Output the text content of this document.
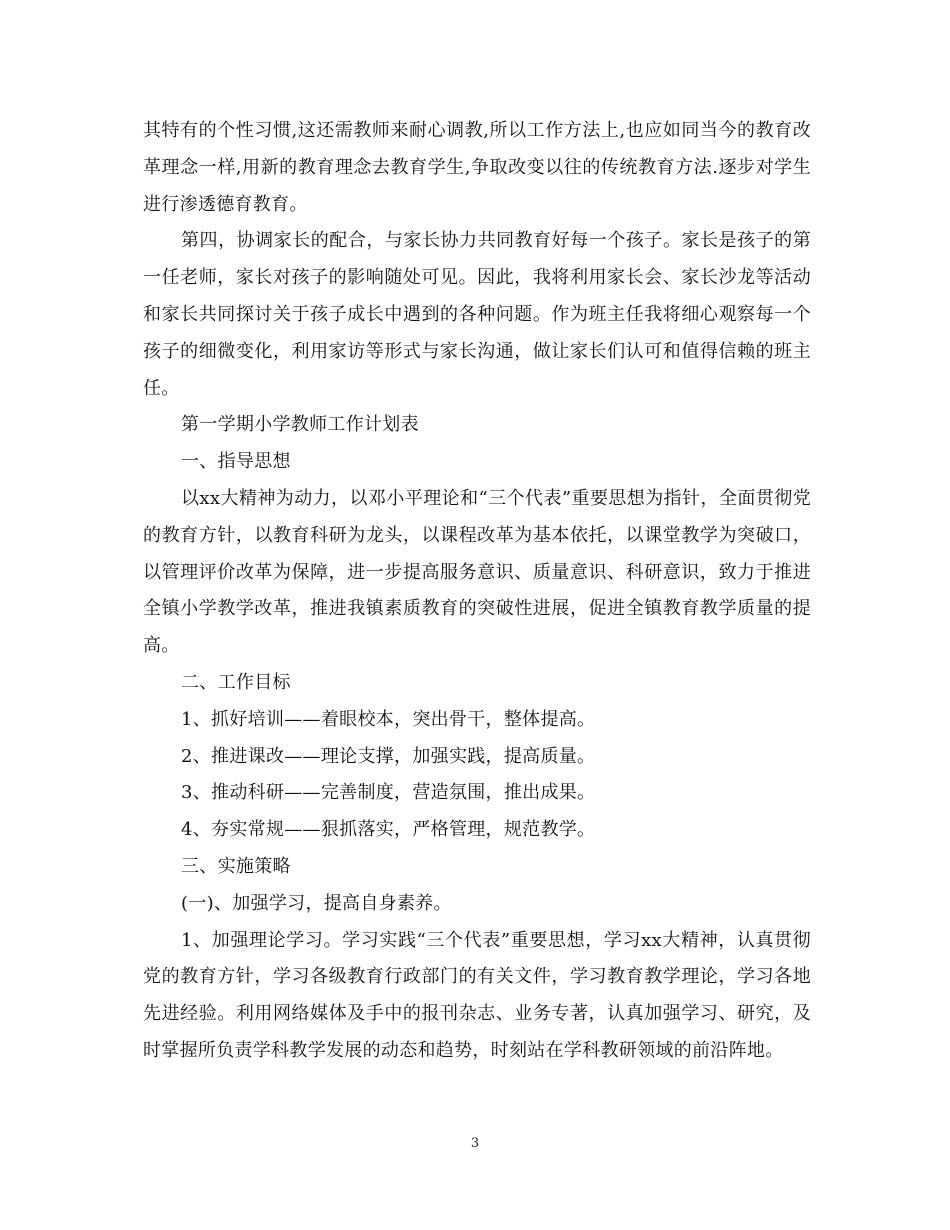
其特有的个性习惯,这还需教师来耐心调教,所以工作方法上,也应如同当今的教育改革理念一样,用新的教育理念去教育学生,争取改变以往的传统教育方法.逐步对学生进行渗透德育教育。

第四，协调家长的配合，与家长协力共同教育好每一个孩子。家长是孩子的第一任老师，家长对孩子的影响随处可见。因此，我将利用家长会、家长沙龙等活动和家长共同探讨关于孩子成长中遇到的各种问题。作为班主任我将细心观察每一个孩子的细微变化，利用家访等形式与家长沟通，做让家长们认可和值得信赖的班主任。

第一学期小学教师工作计划表

一、指导思想

以xx大精神为动力，以邓小平理论和“三个代表”重要思想为指针，全面贯彻党的教育方针，以教育科研为龙头，以课程改革为基本依托，以课堂教学为突破口，以管理评价改革为保障，进一步提高服务意识、质量意识、科研意识，致力于推进全镇小学教学改革，推进我镇素质教育的突破性进展，促进全镇教育教学质量的提高。

二、工作目标

1、抓好培训——着眼校本，突出骨干，整体提高。

2、推进课改——理论支撑，加强实践，提高质量。

3、推动科研——完善制度，营造氛围，推出成果。

4、夯实常规——狠抓落实，严格管理，规范教学。

三、实施策略

(一)、加强学习，提高自身素养。

1、加强理论学习。学习实践“三个代表”重要思想，学习xx大精神，认真贯彻党的教育方针，学习各级教育行政部门的有关文件，学习教育教学理论，学习各地先进经验。利用网络媒体及手中的报刊杂志、业务专著，认真加强学习、研究，及时掌握所负责学科教学发展的动态和趋势，时刻站在学科教研领域的前沿阵地。

3
